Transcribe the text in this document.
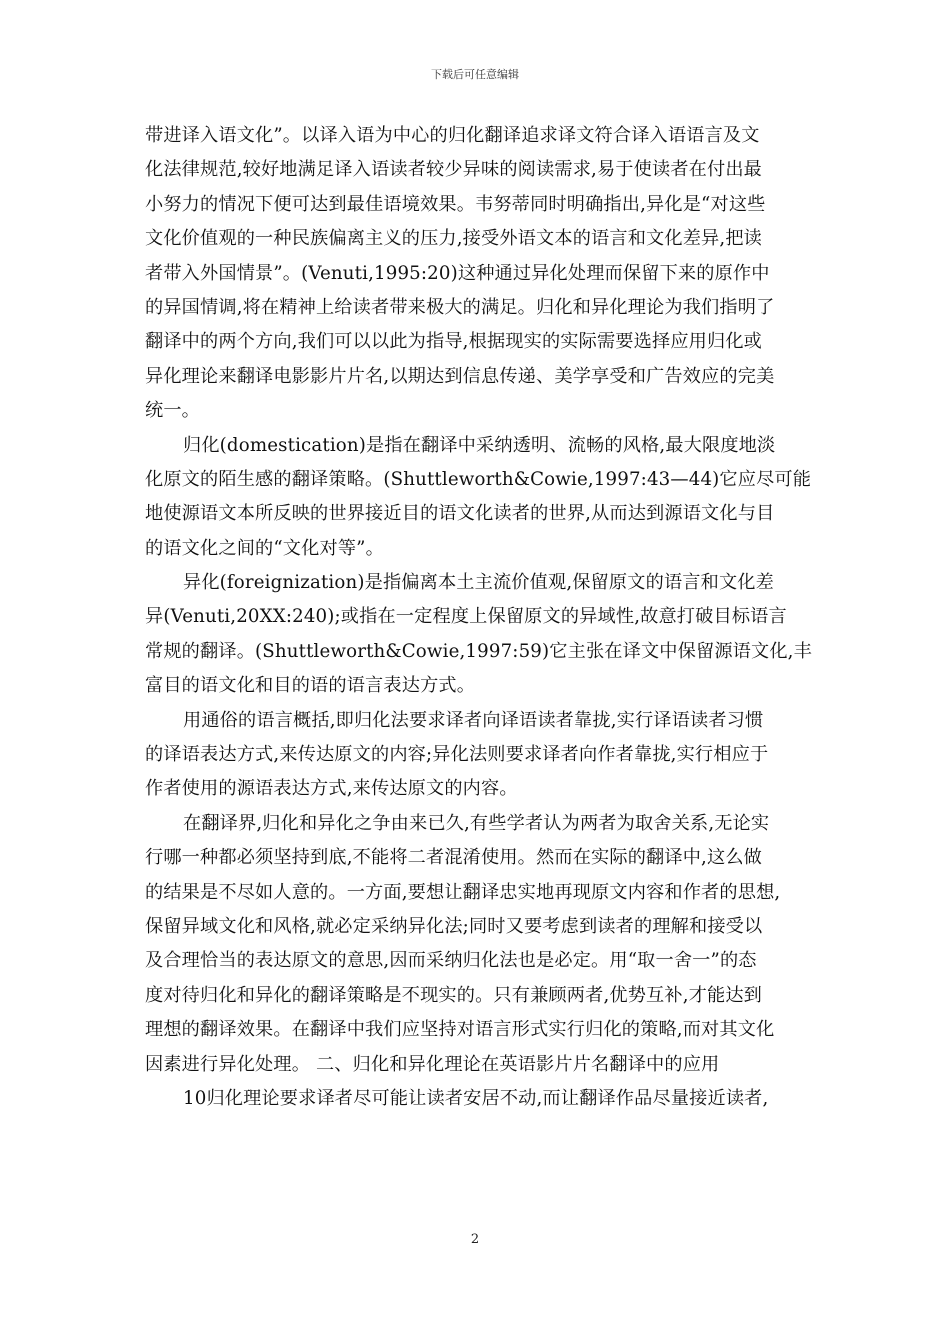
下载后可任意编辑
带进译入语文化”。以译入语为中心的归化翻译追求译文符合译入语语言及文
化法律规范,较好地满足译入语读者较少异味的阅读需求,易于使读者在付出最
小努力的情况下便可达到最佳语境效果。韦努蒂同时明确指出,异化是“对这些
文化价值观的一种民族偏离主义的压力,接受外语文本的语言和文化差异,把读
者带入外国情景”。(Venuti,1995:20)这种通过异化处理而保留下来的原作中
的异国情调,将在精神上给读者带来极大的满足。归化和异化理论为我们指明了
翻译中的两个方向,我们可以以此为指导,根据现实的实际需要选择应用归化或
异化理论来翻译电影影片片名,以期达到信息传递、美学享受和广告效应的完美
统一。
归化(domestication)是指在翻译中采纳透明、流畅的风格,最大限度地淡
化原文的陌生感的翻译策略。(Shuttleworth&Cowie,1997:43—44)它应尽可能
地使源语文本所反映的世界接近目的语文化读者的世界,从而达到源语文化与目
的语文化之间的“文化对等”。
异化(foreignization)是指偏离本土主流价值观,保留原文的语言和文化差
异(Venuti,20XX:240);或指在一定程度上保留原文的异域性,故意打破目标语言
常规的翻译。(Shuttleworth&Cowie,1997:59)它主张在译文中保留源语文化,丰
富目的语文化和目的语的语言表达方式。
用通俗的语言概括,即归化法要求译者向译语读者靠拢,实行译语读者习惯
的译语表达方式,来传达原文的内容;异化法则要求译者向作者靠拢,实行相应于
作者使用的源语表达方式,来传达原文的内容。
在翻译界,归化和异化之争由来已久,有些学者认为两者为取舍关系,无论实
行哪一种都必须坚持到底,不能将二者混淆使用。然而在实际的翻译中,这么做
的结果是不尽如人意的。一方面,要想让翻译忠实地再现原文内容和作者的思想,
保留异域文化和风格,就必定采纳异化法;同时又要考虑到读者的理解和接受以
及合理恰当的表达原文的意思,因而采纳归化法也是必定。用“取一舍一”的态
度对待归化和异化的翻译策略是不现实的。只有兼顾两者,优势互补,才能达到
理想的翻译效果。在翻译中我们应坚持对语言形式实行归化的策略,而对其文化
因素进行异化处理。 二、归化和异化理论在英语影片片名翻译中的应用
10归化理论要求译者尽可能让读者安居不动,而让翻译作品尽量接近读者,
2
